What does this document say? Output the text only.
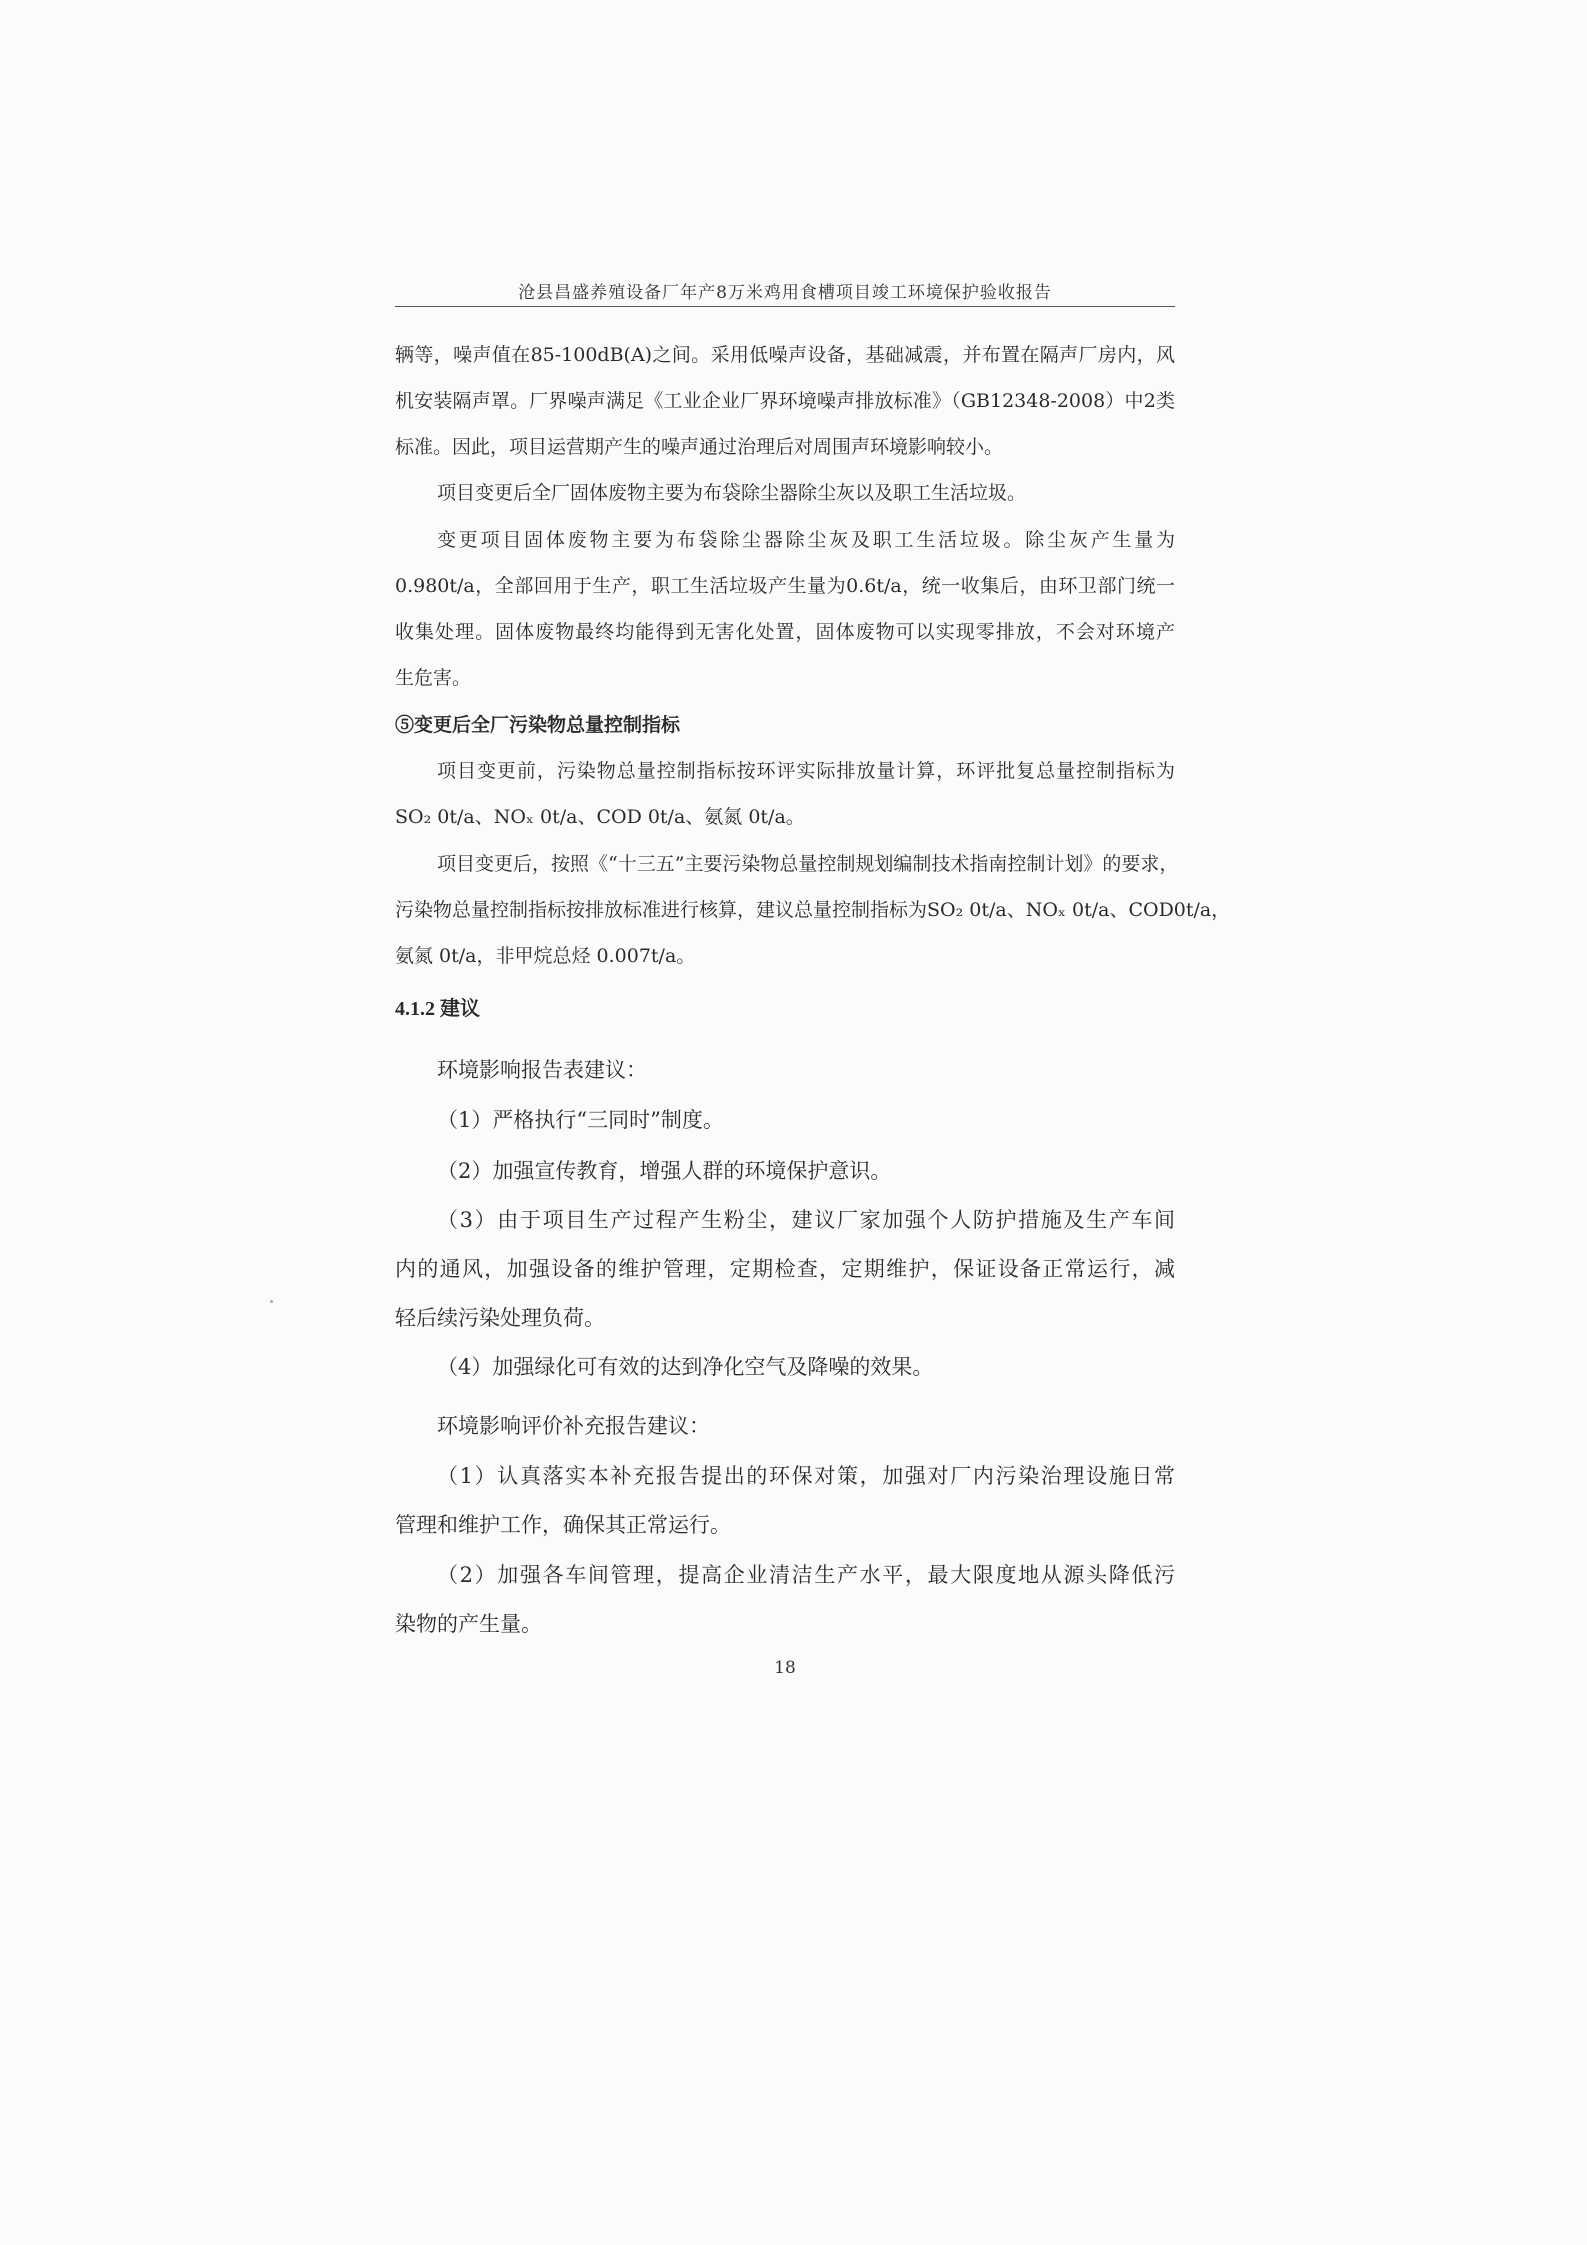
沧县昌盛养殖设备厂年产8万米鸡用食槽项目竣工环境保护验收报告
辆等，噪声值在85-100dB(A)之间。采用低噪声设备，基础减震，并布置在隔声厂房内，风
机安装隔声罩。厂界噪声满足《工业企业厂界环境噪声排放标准》（GB12348-2008）中2类
标准。因此，项目运营期产生的噪声通过治理后对周围声环境影响较小。
项目变更后全厂固体废物主要为布袋除尘器除尘灰以及职工生活垃圾。
变更项目固体废物主要为布袋除尘器除尘灰及职工生活垃圾。除尘灰产生量为
0.980t/a，全部回用于生产，职工生活垃圾产生量为0.6t/a，统一收集后，由环卫部门统一
收集处理。固体废物最终均能得到无害化处置，固体废物可以实现零排放，不会对环境产
生危害。
⑤变更后全厂污染物总量控制指标
项目变更前，污染物总量控制指标按环评实际排放量计算，环评批复总量控制指标为
SO₂ 0t/a、NOₓ 0t/a、COD 0t/a、氨氮 0t/a。
项目变更后，按照《“十三五”主要污染物总量控制规划编制技术指南控制计划》的要求，
污染物总量控制指标按排放标准进行核算，建议总量控制指标为SO₂ 0t/a、NOₓ 0t/a、COD0t/a，
氨氮 0t/a，非甲烷总烃 0.007t/a。
4.1.2 建议
环境影响报告表建议：
（1）严格执行“三同时”制度。
（2）加强宣传教育，增强人群的环境保护意识。
（3）由于项目生产过程产生粉尘，建议厂家加强个人防护措施及生产车间
内的通风，加强设备的维护管理，定期检查，定期维护，保证设备正常运行，减
轻后续污染处理负荷。
（4）加强绿化可有效的达到净化空气及降噪的效果。
环境影响评价补充报告建议：
（1）认真落实本补充报告提出的环保对策，加强对厂内污染治理设施日常
管理和维护工作，确保其正常运行。
（2）加强各车间管理，提高企业清洁生产水平，最大限度地从源头降低污
染物的产生量。
18
